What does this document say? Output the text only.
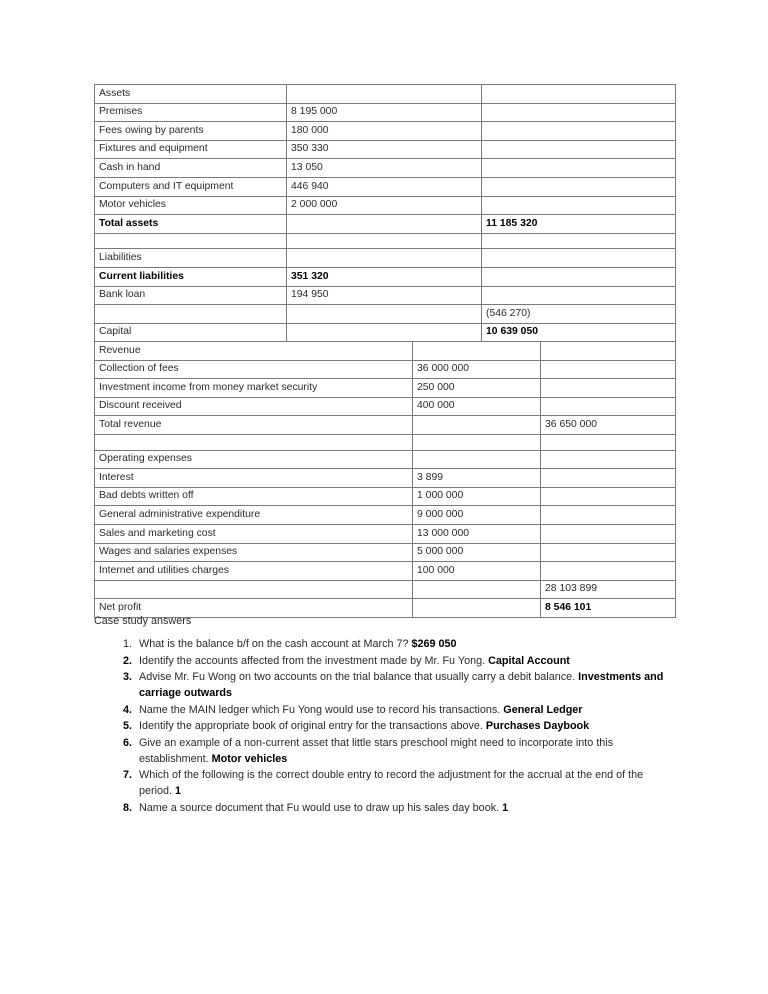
Assets		
Premises	8 195 000	
Fees owing by parents	180 000	
Fixtures and equipment	350 330	
Cash in hand	13 050	
Computers and IT equipment	446 940	
Motor vehicles	2 000 000	
Total assets		11 185 320

Liabilities		
Current liabilities	351 320	
Bank loan	194 950	
		(546 270)
Capital		10 639 050
Revenue		
Collection of fees	36 000 000	
Investment income from money market security	250 000	
Discount received	400 000	
Total revenue		36 650 000

Operating expenses		
Interest	3 899	
Bad debts written off	1 000 000	
General administrative expenditure	9 000 000	
Sales and marketing cost	13 000 000	
Wages and salaries expenses	5 000 000	
Internet and utilities charges	100 000	
		28 103 899
Net profit		8 546 101

Case study answers

1. What is the balance b/f on the cash account at March 7? $269 050
2. Identify the accounts affected from the investment made by Mr. Fu Yong. Capital Account
3. Advise Mr. Fu Wong on two accounts on the trial balance that usually carry a debit balance. Investments and carriage outwards
4. Name the MAIN ledger which Fu Yong would use to record his transactions. General Ledger
5. Identify the appropriate book of original entry for the transactions above. Purchases Daybook
6. Give an example of a non-current asset that little stars preschool might need to incorporate into this establishment. Motor vehicles
7. Which of the following is the correct double entry to record the adjustment for the accrual at the end of the period. 1
8. Name a source document that Fu would use to draw up his sales day book. 1
